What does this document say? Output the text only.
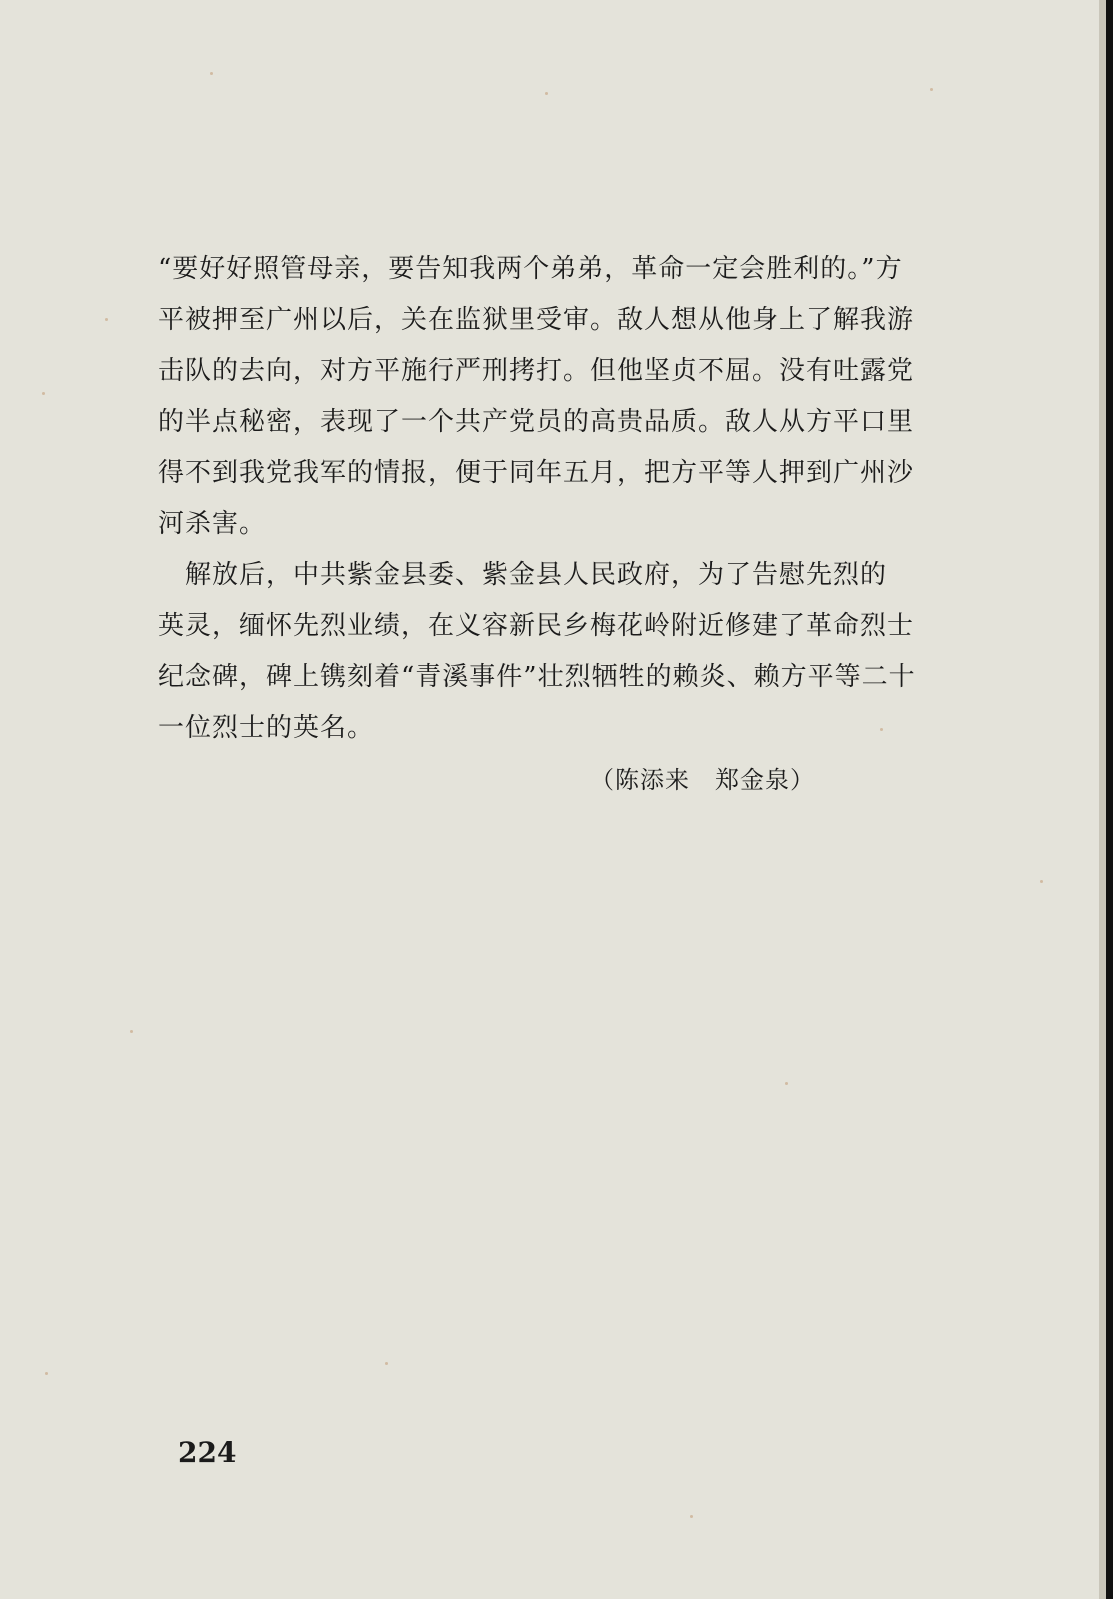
“要好好照管母亲，要告知我两个弟弟，革命一定会胜利的。”方
平被押至广州以后，关在监狱里受审。敌人想从他身上了解我游
击队的去向，对方平施行严刑拷打。但他坚贞不屈。没有吐露党
的半点秘密，表现了一个共产党员的高贵品质。敌人从方平口里
得不到我党我军的情报，便于同年五月，把方平等人押到广州沙
河杀害。
　解放后，中共紫金县委、紫金县人民政府，为了告慰先烈的
英灵，缅怀先烈业绩，在义容新民乡梅花岭附近修建了革命烈士
纪念碑，碑上镌刻着“青溪事件”壮烈牺牲的赖炎、赖方平等二十
一位烈士的英名。
（陈添来　郑金泉）
224
